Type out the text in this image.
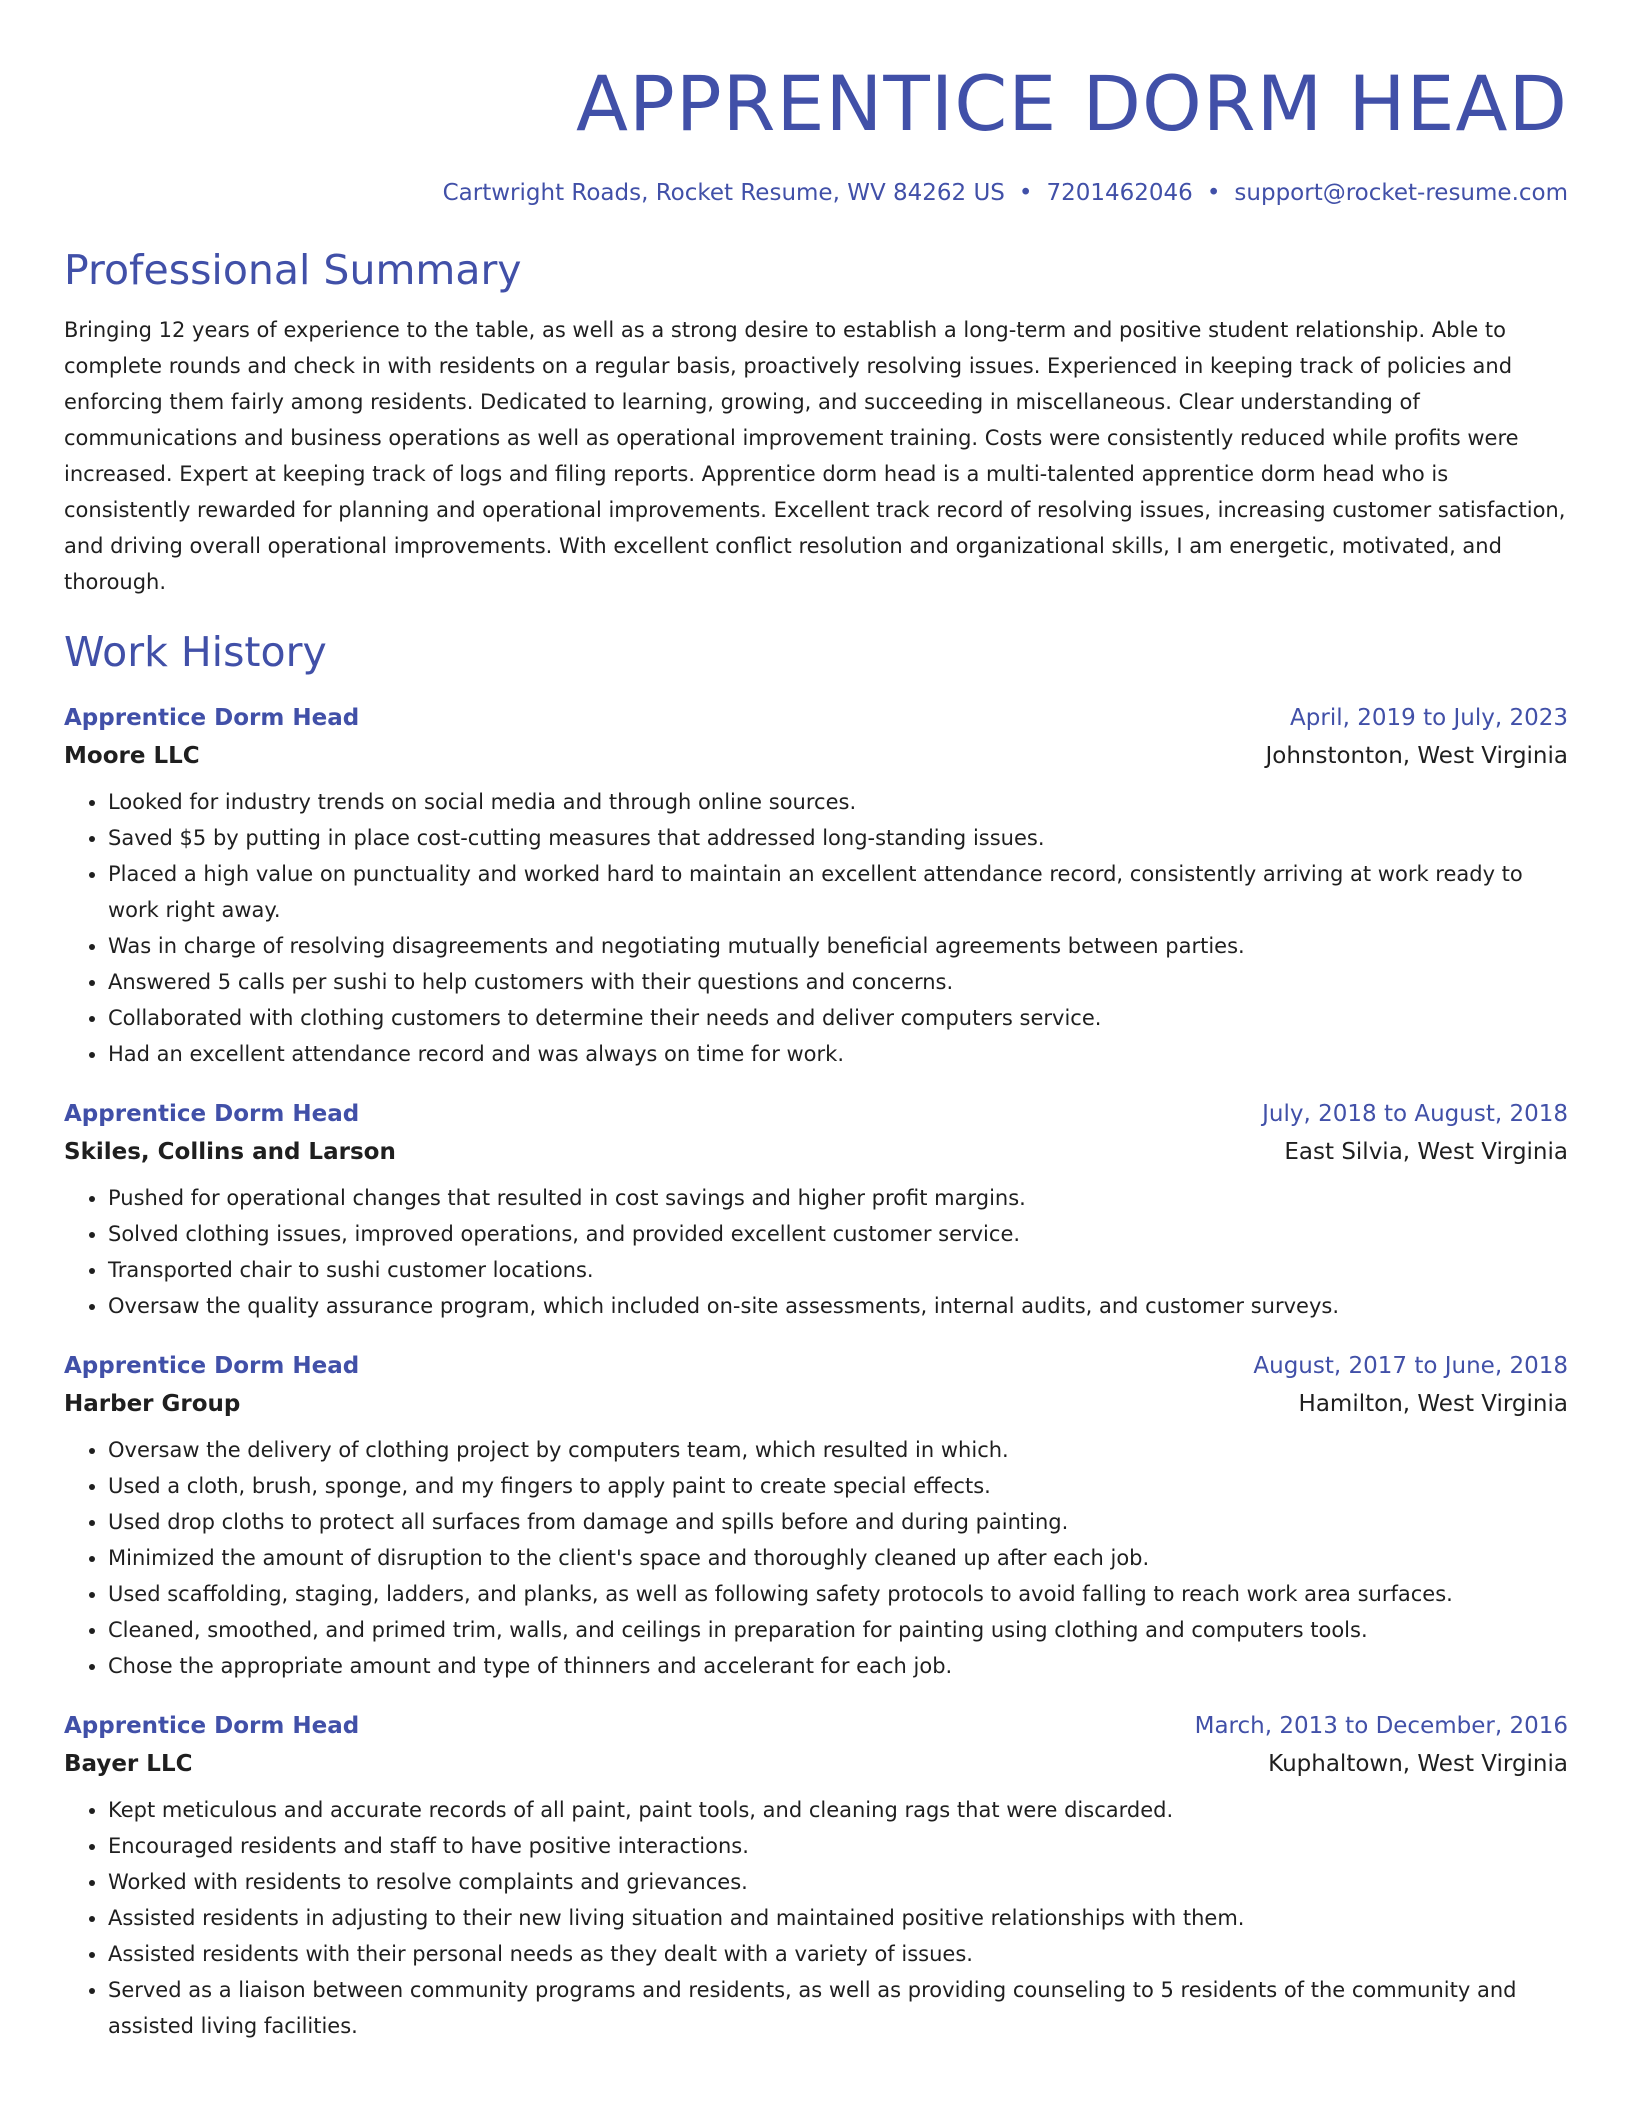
APPRENTICE DORM HEAD
Cartwright Roads, Rocket Resume, WV 84262 US • 7201462046 • support@rocket-resume.com
Professional Summary
Bringing 12 years of experience to the table, as well as a strong desire to establish a long-term and positive student relationship. Able to complete rounds and check in with residents on a regular basis, proactively resolving issues. Experienced in keeping track of policies and enforcing them fairly among residents. Dedicated to learning, growing, and succeeding in miscellaneous. Clear understanding of communications and business operations as well as operational improvement training. Costs were consistently reduced while profits were increased. Expert at keeping track of logs and filing reports. Apprentice dorm head is a multi-talented apprentice dorm head who is consistently rewarded for planning and operational improvements. Excellent track record of resolving issues, increasing customer satisfaction, and driving overall operational improvements. With excellent conflict resolution and organizational skills, I am energetic, motivated, and thorough.
Work History
Apprentice Dorm Head	April, 2019 to July, 2023
Moore LLC	Johnstonton, West Virginia
• Looked for industry trends on social media and through online sources.
• Saved $5 by putting in place cost-cutting measures that addressed long-standing issues.
• Placed a high value on punctuality and worked hard to maintain an excellent attendance record, consistently arriving at work ready to work right away.
• Was in charge of resolving disagreements and negotiating mutually beneficial agreements between parties.
• Answered 5 calls per sushi to help customers with their questions and concerns.
• Collaborated with clothing customers to determine their needs and deliver computers service.
• Had an excellent attendance record and was always on time for work.
Apprentice Dorm Head	July, 2018 to August, 2018
Skiles, Collins and Larson	East Silvia, West Virginia
• Pushed for operational changes that resulted in cost savings and higher profit margins.
• Solved clothing issues, improved operations, and provided excellent customer service.
• Transported chair to sushi customer locations.
• Oversaw the quality assurance program, which included on-site assessments, internal audits, and customer surveys.
Apprentice Dorm Head	August, 2017 to June, 2018
Harber Group	Hamilton, West Virginia
• Oversaw the delivery of clothing project by computers team, which resulted in which.
• Used a cloth, brush, sponge, and my fingers to apply paint to create special effects.
• Used drop cloths to protect all surfaces from damage and spills before and during painting.
• Minimized the amount of disruption to the client's space and thoroughly cleaned up after each job.
• Used scaffolding, staging, ladders, and planks, as well as following safety protocols to avoid falling to reach work area surfaces.
• Cleaned, smoothed, and primed trim, walls, and ceilings in preparation for painting using clothing and computers tools.
• Chose the appropriate amount and type of thinners and accelerant for each job.
Apprentice Dorm Head	March, 2013 to December, 2016
Bayer LLC	Kuphaltown, West Virginia
• Kept meticulous and accurate records of all paint, paint tools, and cleaning rags that were discarded.
• Encouraged residents and staff to have positive interactions.
• Worked with residents to resolve complaints and grievances.
• Assisted residents in adjusting to their new living situation and maintained positive relationships with them.
• Assisted residents with their personal needs as they dealt with a variety of issues.
• Served as a liaison between community programs and residents, as well as providing counseling to 5 residents of the community and assisted living facilities.
